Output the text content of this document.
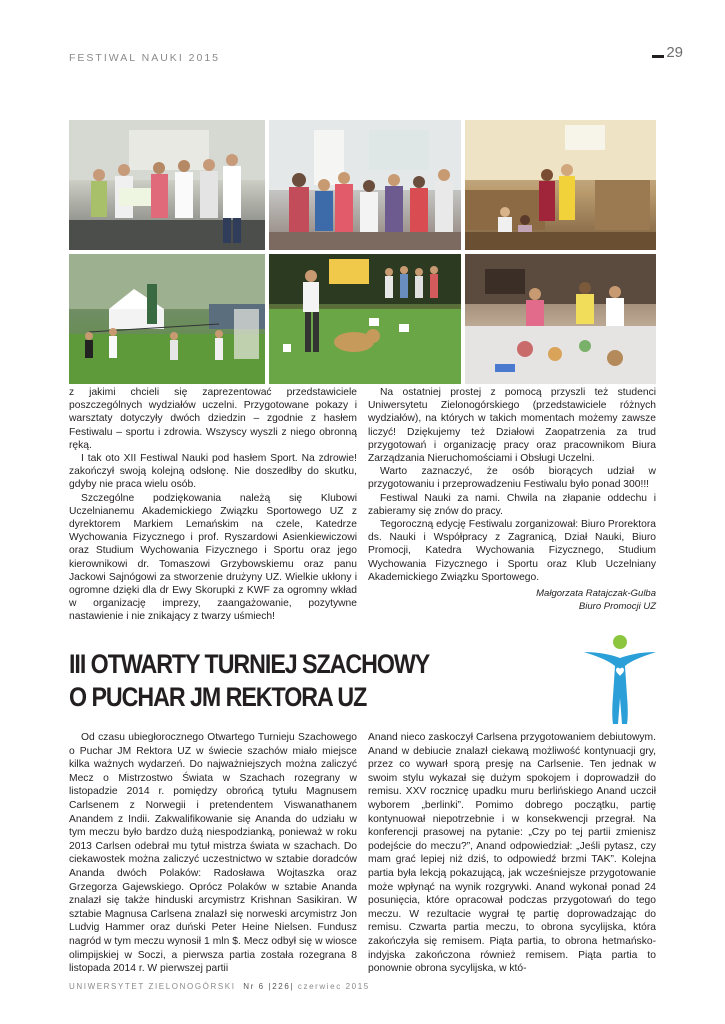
FESTIWAL NAUKI 2015	29

z jakimi chcieli się zaprezentować przedstawiciele poszczególnych wydziałów uczelni. Przygotowane pokazy i warsztaty dotyczyły dwóch dziedzin – zgodnie z hasłem Festiwalu – sportu i zdrowia. Wszyscy wyszli z niego obronną ręką.

I tak oto XII Festiwal Nauki pod hasłem Sport. Na zdrowie! zakończył swoją kolejną odsłonę. Nie doszedłby do skutku, gdyby nie praca wielu osób.

Szczególne podziękowania należą się Klubowi Uczelnianemu Akademickiego Związku Sportowego UZ z dyrektorem Markiem Lemańskim na czele, Katedrze Wychowania Fizycznego i prof. Ryszardowi Asienkiewiczowi oraz Studium Wychowania Fizycznego i Sportu oraz jego kierownikowi dr. Tomaszowi Grzybowskiemu oraz panu Jackowi Sajnógowi za stworzenie drużyny UZ. Wielkie ukłony i ogromne dzięki dla dr Ewy Skorupki z KWF za ogromny wkład w organizację imprezy, zaangażowanie, pozytywne nastawienie i nie znikający z twarzy uśmiech!

Na ostatniej prostej z pomocą przyszli też studenci Uniwersytetu Zielonogórskiego (przedstawiciele różnych wydziałów), na których w takich momentach możemy zawsze liczyć! Dziękujemy też Działowi Zaopatrzenia za trud przygotowań i organizację pracy oraz pracownikom Biura Zarządzania Nieruchomościami i Obsługi Uczelni.

Warto zaznaczyć, że osób biorących udział w przygotowaniu i przeprowadzeniu Festiwalu było ponad 300!!!

Festiwal Nauki za nami. Chwila na złapanie oddechu i zabieramy się znów do pracy.

Tegoroczną edycję Festiwalu zorganizował: Biuro Prorektora ds. Nauki i Współpracy z Zagranicą, Dział Nauki, Biuro Promocji, Katedra Wychowania Fizycznego, Studium Wychowania Fizycznego i Sportu oraz Klub Uczelniany Akademickiego Związku Sportowego.

Małgorzata Ratajczak-Gulba
Biuro Promocji UZ
III OTWARTY TURNIEJ SZACHOWY
O PUCHAR JM REKTORA UZ

Od czasu ubiegłorocznego Otwartego Turnieju Szachowego o Puchar JM Rektora UZ w świecie szachów miało miejsce kilka ważnych wydarzeń. Do najważniejszych można zaliczyć Mecz o Mistrzostwo Świata w Szachach rozegrany w listopadzie 2014 r. pomiędzy obrońcą tytułu Magnusem Carlsenem z Norwegii i pretendentem Viswanathanem Anandem z Indii. Zakwalifikowanie się Ananda do udziału w tym meczu było bardzo dużą niespodzianką, ponieważ w roku 2013 Carlsen odebrał mu tytuł mistrza świata w szachach. Do ciekawostek można zaliczyć uczestnictwo w sztabie doradców Ananda dwóch Polaków: Radosława Wojtaszka oraz Grzegorza Gajewskiego. Oprócz Polaków w sztabie Ananda znalazł się także hinduski arcymistrz Krishnan Sasikiran. W sztabie Magnusa Carlsena znalazł się norweski arcymistrz Jon Ludvig Hammer oraz duński Peter Heine Nielsen. Fundusz nagród w tym meczu wynosił 1 mln $. Mecz odbył się w wiosce olimpijskiej w Soczi, a pierwsza partia została rozegrana 8 listopada 2014 r. W pierwszej partii

Anand nieco zaskoczył Carlsena przygotowaniem debiutowym. Anand w debiucie znalazł ciekawą możliwość kontynuacji gry, przez co wywarł sporą presję na Carlsenie. Ten jednak w swoim stylu wykazał się dużym spokojem i doprowadził do remisu. XXV rocznicę upadku muru berlińskiego Anand uczcił wyborem „berlinki”. Pomimo dobrego początku, partię kontynuował niepotrzebnie i w konsekwencji przegrał. Na konferencji prasowej na pytanie: „Czy po tej partii zmienisz podejście do meczu?”, Anand odpowiedział: „Jeśli pytasz, czy mam grać lepiej niż dziś, to odpowiedź brzmi TAK”. Kolejna partia była lekcją pokazującą, jak wcześniejsze przygotowanie może wpłynąć na wynik rozgrywki. Anand wykonał ponad 24 posunięcia, które opracował podczas przygotowań do tego meczu. W rezultacie wygrał tę partię doprowadzając do remisu. Czwarta partia meczu, to obrona sycylijska, która zakończyła się remisem. Piąta partia, to obrona hetmańsko-indyjska zakończona również remisem. Piąta partia to ponownie obrona sycylijska, w któ-

UNIWERSYTET ZIELONOGÓRSKI Nr 6 |226| czerwiec 2015
